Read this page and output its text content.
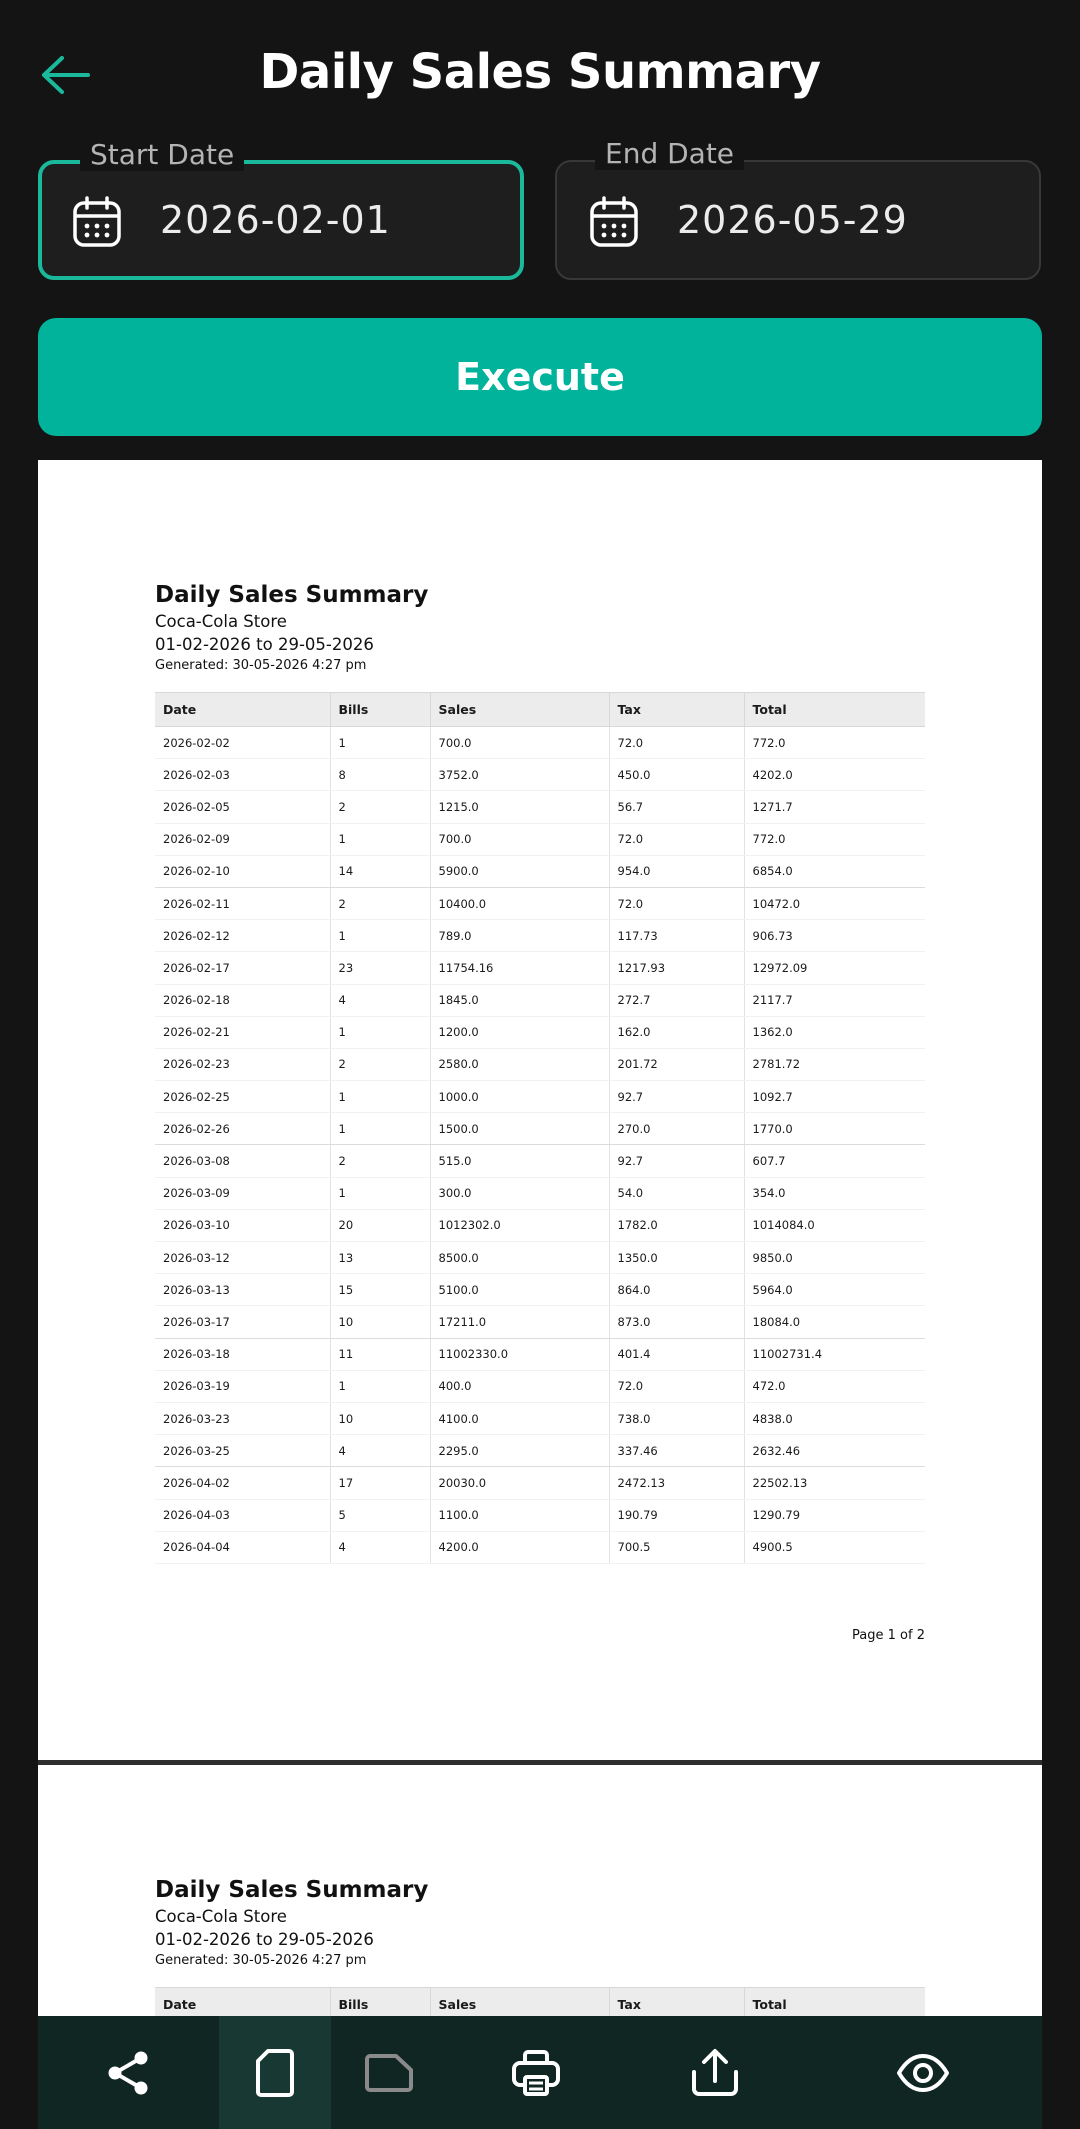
Daily Sales Summary
Start Date
2026-02-01
End Date
2026-05-29
Execute
Daily Sales Summary
Coca-Cola Store
01-02-2026 to 29-05-2026
Generated: 30-05-2026 4:27 pm
Date	Bills	Sales	Tax	Total
2026-02-02	1	700.0	72.0	772.0
2026-02-03	8	3752.0	450.0	4202.0
2026-02-05	2	1215.0	56.7	1271.7
2026-02-09	1	700.0	72.0	772.0
2026-02-10	14	5900.0	954.0	6854.0
2026-02-11	2	10400.0	72.0	10472.0
2026-02-12	1	789.0	117.73	906.73
2026-02-17	23	11754.16	1217.93	12972.09
2026-02-18	4	1845.0	272.7	2117.7
2026-02-21	1	1200.0	162.0	1362.0
2026-02-23	2	2580.0	201.72	2781.72
2026-02-25	1	1000.0	92.7	1092.7
2026-02-26	1	1500.0	270.0	1770.0
2026-03-08	2	515.0	92.7	607.7
2026-03-09	1	300.0	54.0	354.0
2026-03-10	20	1012302.0	1782.0	1014084.0
2026-03-12	13	8500.0	1350.0	9850.0
2026-03-13	15	5100.0	864.0	5964.0
2026-03-17	10	17211.0	873.0	18084.0
2026-03-18	11	11002330.0	401.4	11002731.4
2026-03-19	1	400.0	72.0	472.0
2026-03-23	10	4100.0	738.0	4838.0
2026-03-25	4	2295.0	337.46	2632.46
2026-04-02	17	20030.0	2472.13	22502.13
2026-04-03	5	1100.0	190.79	1290.79
2026-04-04	4	4200.0	700.5	4900.5
Page 1 of 2
Daily Sales Summary
Coca-Cola Store
01-02-2026 to 29-05-2026
Generated: 30-05-2026 4:27 pm
Date	Bills	Sales	Tax	Total
